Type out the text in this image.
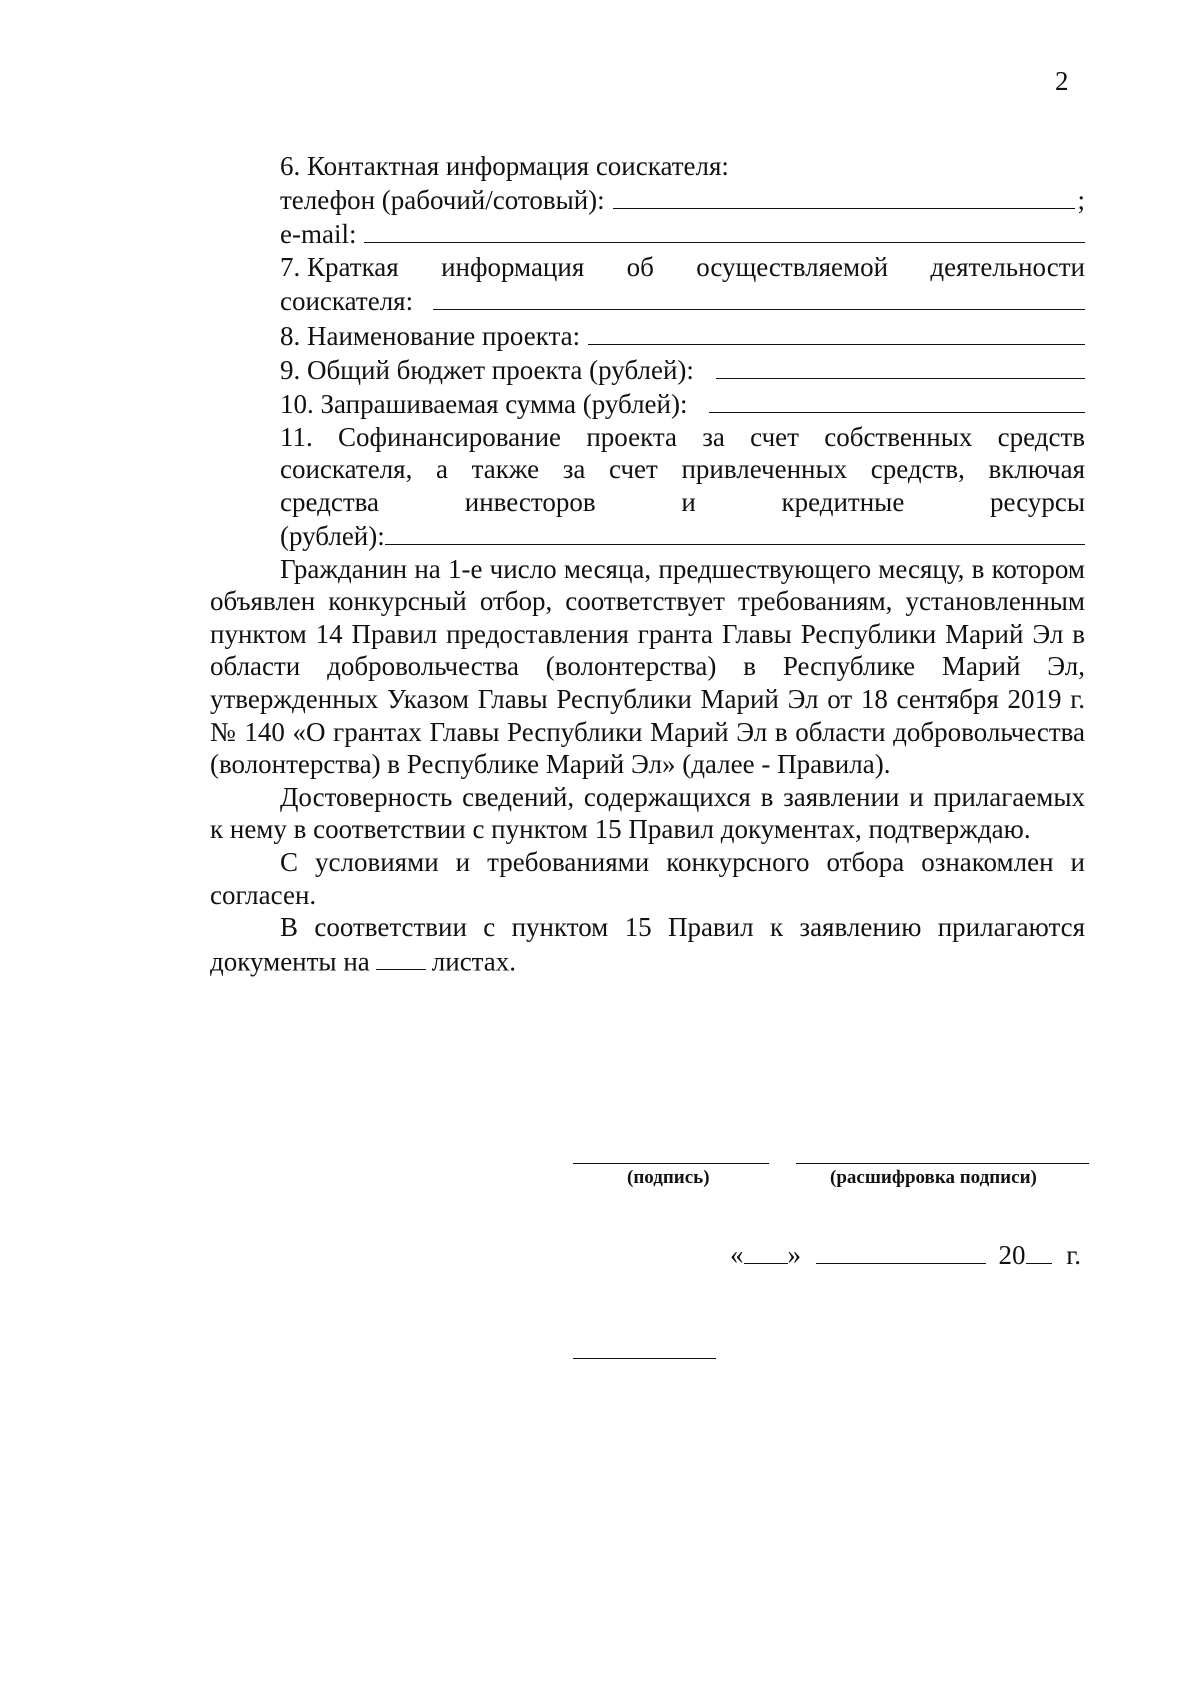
2
6. Контактная информация соискателя:
телефон (рабочий/сотовый):	;
e-mail:
7. Краткая информация об осуществляемой деятельности
соискателя:
8. Наименование проекта:
9. Общий бюджет проекта (рублей):
10. Запрашиваемая сумма (рублей):
11. Софинансирование проекта за счет собственных средств
соискателя, а также за счет привлеченных средств, включая
средства	инвесторов	и	кредитные	ресурсы
(рублей):

Гражданин на 1-е число месяца, предшествующего месяцу, в котором объявлен конкурсный отбор, соответствует требованиям, установленным пунктом 14 Правил предоставления гранта Главы Республики Марий Эл в области добровольчества (волонтерства) в Республике Марий Эл, утвержденных Указом Главы Республики Марий Эл от 18 сентября 2019 г. № 140 «О грантах Главы Республики Марий Эл в области добровольчества (волонтерства) в Республике Марий Эл» (далее - Правила).

Достоверность сведений, содержащихся в заявлении и прилагаемых к нему в соответствии с пунктом 15 Правил документах, подтверждаю.

С условиями и требованиями конкурсного отбора ознакомлен и согласен.

В соответствии с пунктом 15 Правил к заявлению прилагаются документы на листах.

(подпись)	(расшифровка подписи)
« »	20 г.
